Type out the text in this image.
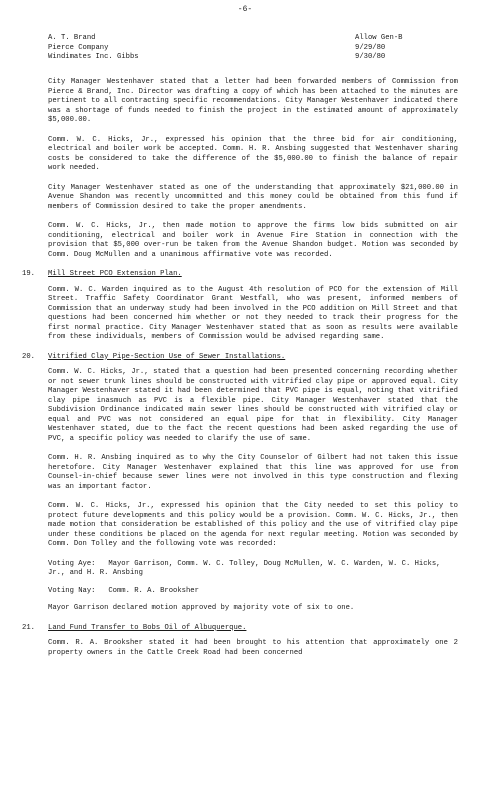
-6-
A. T. Brand
Pierce Company
Windimates Inc. Gibbs
Allow Gen-B
9/29/80
9/30/80

City Manager Westenhaver stated that a letter had been forwarded members of Commission from Pierce & Brand, Inc. Director was drafting a copy of which has been attached to the minutes are pertinent to all contracting specific recommendations. City Manager Westenhaver indicated there was a shortage of funds needed to finish the project in the estimated amount of approximately $5,000.00.

Comm. W. C. Hicks, Jr., expressed his opinion that the three bid for air conditioning, electrical and boiler work be accepted. Comm. H. R. Ansbing suggested that Westenhaver sharing costs be considered to take the difference of the $5,000.00 to finish the balance of repair work needed.

City Manager Westenhaver stated as one of the understanding that approximately $21,000.00 in Avenue Shandon was recently uncommitted and this money could be obtained from this fund if members of Commission desired to take the proper amendments.

Comm. W. C. Hicks, Jr., then made motion to approve the firms low bids submitted on air conditioning, electrical and boiler work in Avenue Fire Station in connection with the provision that $5,000 over-run be taken from the Avenue Shandon budget. Motion was seconded by Comm. Doug McMullen and a unanimous affirmative vote was recorded.

19. Mill Street PCO Extension Plan.

Comm. W. C. Warden inquired as to the August 4th resolution of PCO for the extension of Mill Street. Traffic Safety Coordinator Grant Westfall, who was present, informed members of Commission that an underway study had been involved in the PCO addition on Mill Street and that questions had been concerned him whether or not they needed to track their progress for the first normal practice. City Manager Westenhaver stated that as soon as results were available from these individuals, members of Commission would be advised regarding same.

20. Vitrified Clay Pipe-Section Use of Sewer Installations.

Comm. W. C. Hicks, Jr., stated that a question had been presented concerning recording whether or not sewer trunk lines should be constructed with vitrified clay pipe or approved equal. City Manager Westenhaver stated it had been determined that PVC pipe is equal, noting that vitrified clay pipe inasmuch as PVC is a flexible pipe. City Manager Westenhaver stated that the Subdivision Ordinance indicated main sewer lines should be constructed with vitrified clay or equal and PVC was not considered an equal pipe for that in flexibility. City Manager Westenhaver stated, due to the fact the recent questions had been asked regarding the use of PVC, a specific policy was needed to clarify the use of same.

Comm. H. R. Ansbing inquired as to why the City Counselor of Gilbert had not taken this issue heretofore. City Manager Westenhaver explained that this line was approved for use from Counsel-in-chief because sewer lines were not involved in this type construction and flexing was an important factor.

Comm. W. C. Hicks, Jr., expressed his opinion that the City needed to set this policy to protect future developments and this policy would be a provision. Comm. W. C. Hicks, Jr., then made motion that consideration be established of this policy and the use of vitrified clay pipe under these conditions be placed on the agenda for next regular meeting. Motion was seconded by Comm. Don Tolley and the following vote was recorded:

Voting Aye: Mayor Garrison, Comm. W. C. Tolley, Doug McMullen, W. C. Warden, W. C. Hicks, Jr., and H. R. Ansbing
Voting Nay: Comm. R. A. Brooksher

Mayor Garrison declared motion approved by majority vote of six to one.

21. Land Fund Transfer to Bobs Oil of Albuquerque.

Comm. R. A. Brooksher stated it had been brought to his attention that approximately one 2 property owners in the Cattle Creek Road had been concerned
